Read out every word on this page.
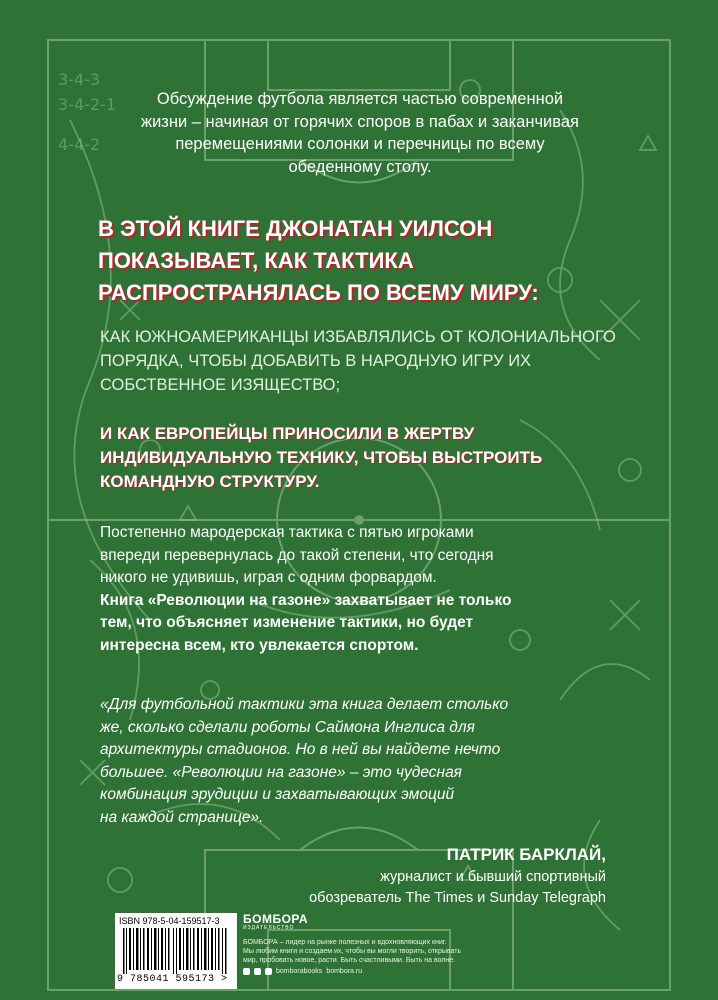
3-4-3
3-4-2-1
4-4-2
Обсуждение футбола является частью современной
жизни – начиная от горячих споров в пабах и заканчивая
перемещениями солонки и перечницы по всему
обеденному столу.
В ЭТОЙ КНИГЕ ДЖОНАТАН УИЛСОН
ПОКАЗЫВАЕТ, КАК ТАКТИКА
РАСПРОСТРАНЯЛАСЬ ПО ВСЕМУ МИРУ:
КАК ЮЖНОАМЕРИКАНЦЫ ИЗБАВЛЯЛИСЬ ОТ КОЛОНИАЛЬНОГО
ПОРЯДКА, ЧТОБЫ ДОБАВИТЬ В НАРОДНУЮ ИГРУ ИХ
СОБСТВЕННОЕ ИЗЯЩЕСТВО;
И КАК ЕВРОПЕЙЦЫ ПРИНОСИЛИ В ЖЕРТВУ
ИНДИВИДУАЛЬНУЮ ТЕХНИКУ, ЧТОБЫ ВЫСТРОИТЬ
КОМАНДНУЮ СТРУКТУРУ.
Постепенно мародерская тактика с пятью игроками
впереди перевернулась до такой степени, что сегодня
никого не удивишь, играя с одним форвардом.
Книга «Революции на газоне» захватывает не только
тем, что объясняет изменение тактики, но будет
интересна всем, кто увлекается спортом.
«Для футбольной тактики эта книга делает столько
же, сколько сделали роботы Саймона Инглиса для
архитектуры стадионов. Но в ней вы найдете нечто
большее. «Революции на газоне» – это чудесная
комбинация эрудиции и захватывающих эмоций
на каждой странице».
ПАТРИК БАРКЛАЙ,
журналист и бывший спортивный
обозреватель The Times и Sunday Telegraph
ISBN 978-5-04-159517-3
9 785041 595173 >
БОМБОРА
ИЗДАТЕЛЬСТВО
БОМБОРА – лидер на рынке полезных и вдохновляющих книг.
Мы любим книги и создаем их, чтобы вы могли творить, открывать
мир, пробовать новое, расти. Быть счастливыми. Быть на волне.
bomborabooks bombora.ru
